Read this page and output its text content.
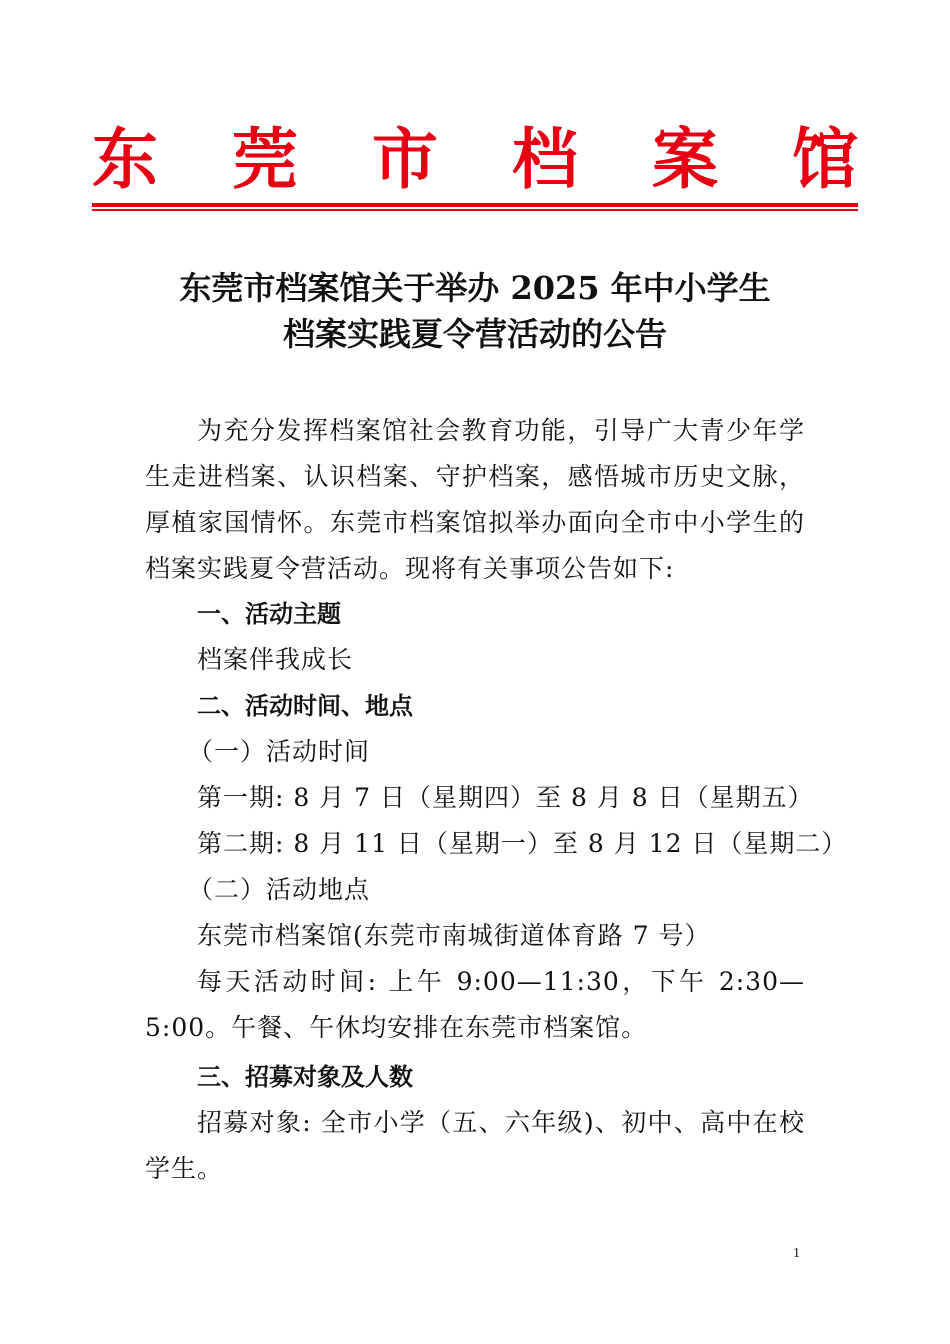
东 莞 市 档 案 馆
东莞市档案馆关于举办 2025 年中小学生
档案实践夏令营活动的公告

为充分发挥档案馆社会教育功能，引导广大青少年学生走进档案、认识档案、守护档案，感悟城市历史文脉，厚植家国情怀。东莞市档案馆拟举办面向全市中小学生的档案实践夏令营活动。现将有关事项公告如下:

一、活动主题
档案伴我成长
二、活动时间、地点
（一）活动时间
第一期: 8 月 7 日（星期四）至 8 月 8 日（星期五）
第二期: 8 月 11 日（星期一）至 8 月 12 日（星期二）
（二）活动地点
东莞市档案馆(东莞市南城街道体育路 7 号）

每天活动时间: 上午 9:00—11:30，下午 2:30—5:00。午餐、午休均安排在东莞市档案馆。

三、招募对象及人数

招募对象: 全市小学（五、六年级)、初中、高中在校学生。

1
